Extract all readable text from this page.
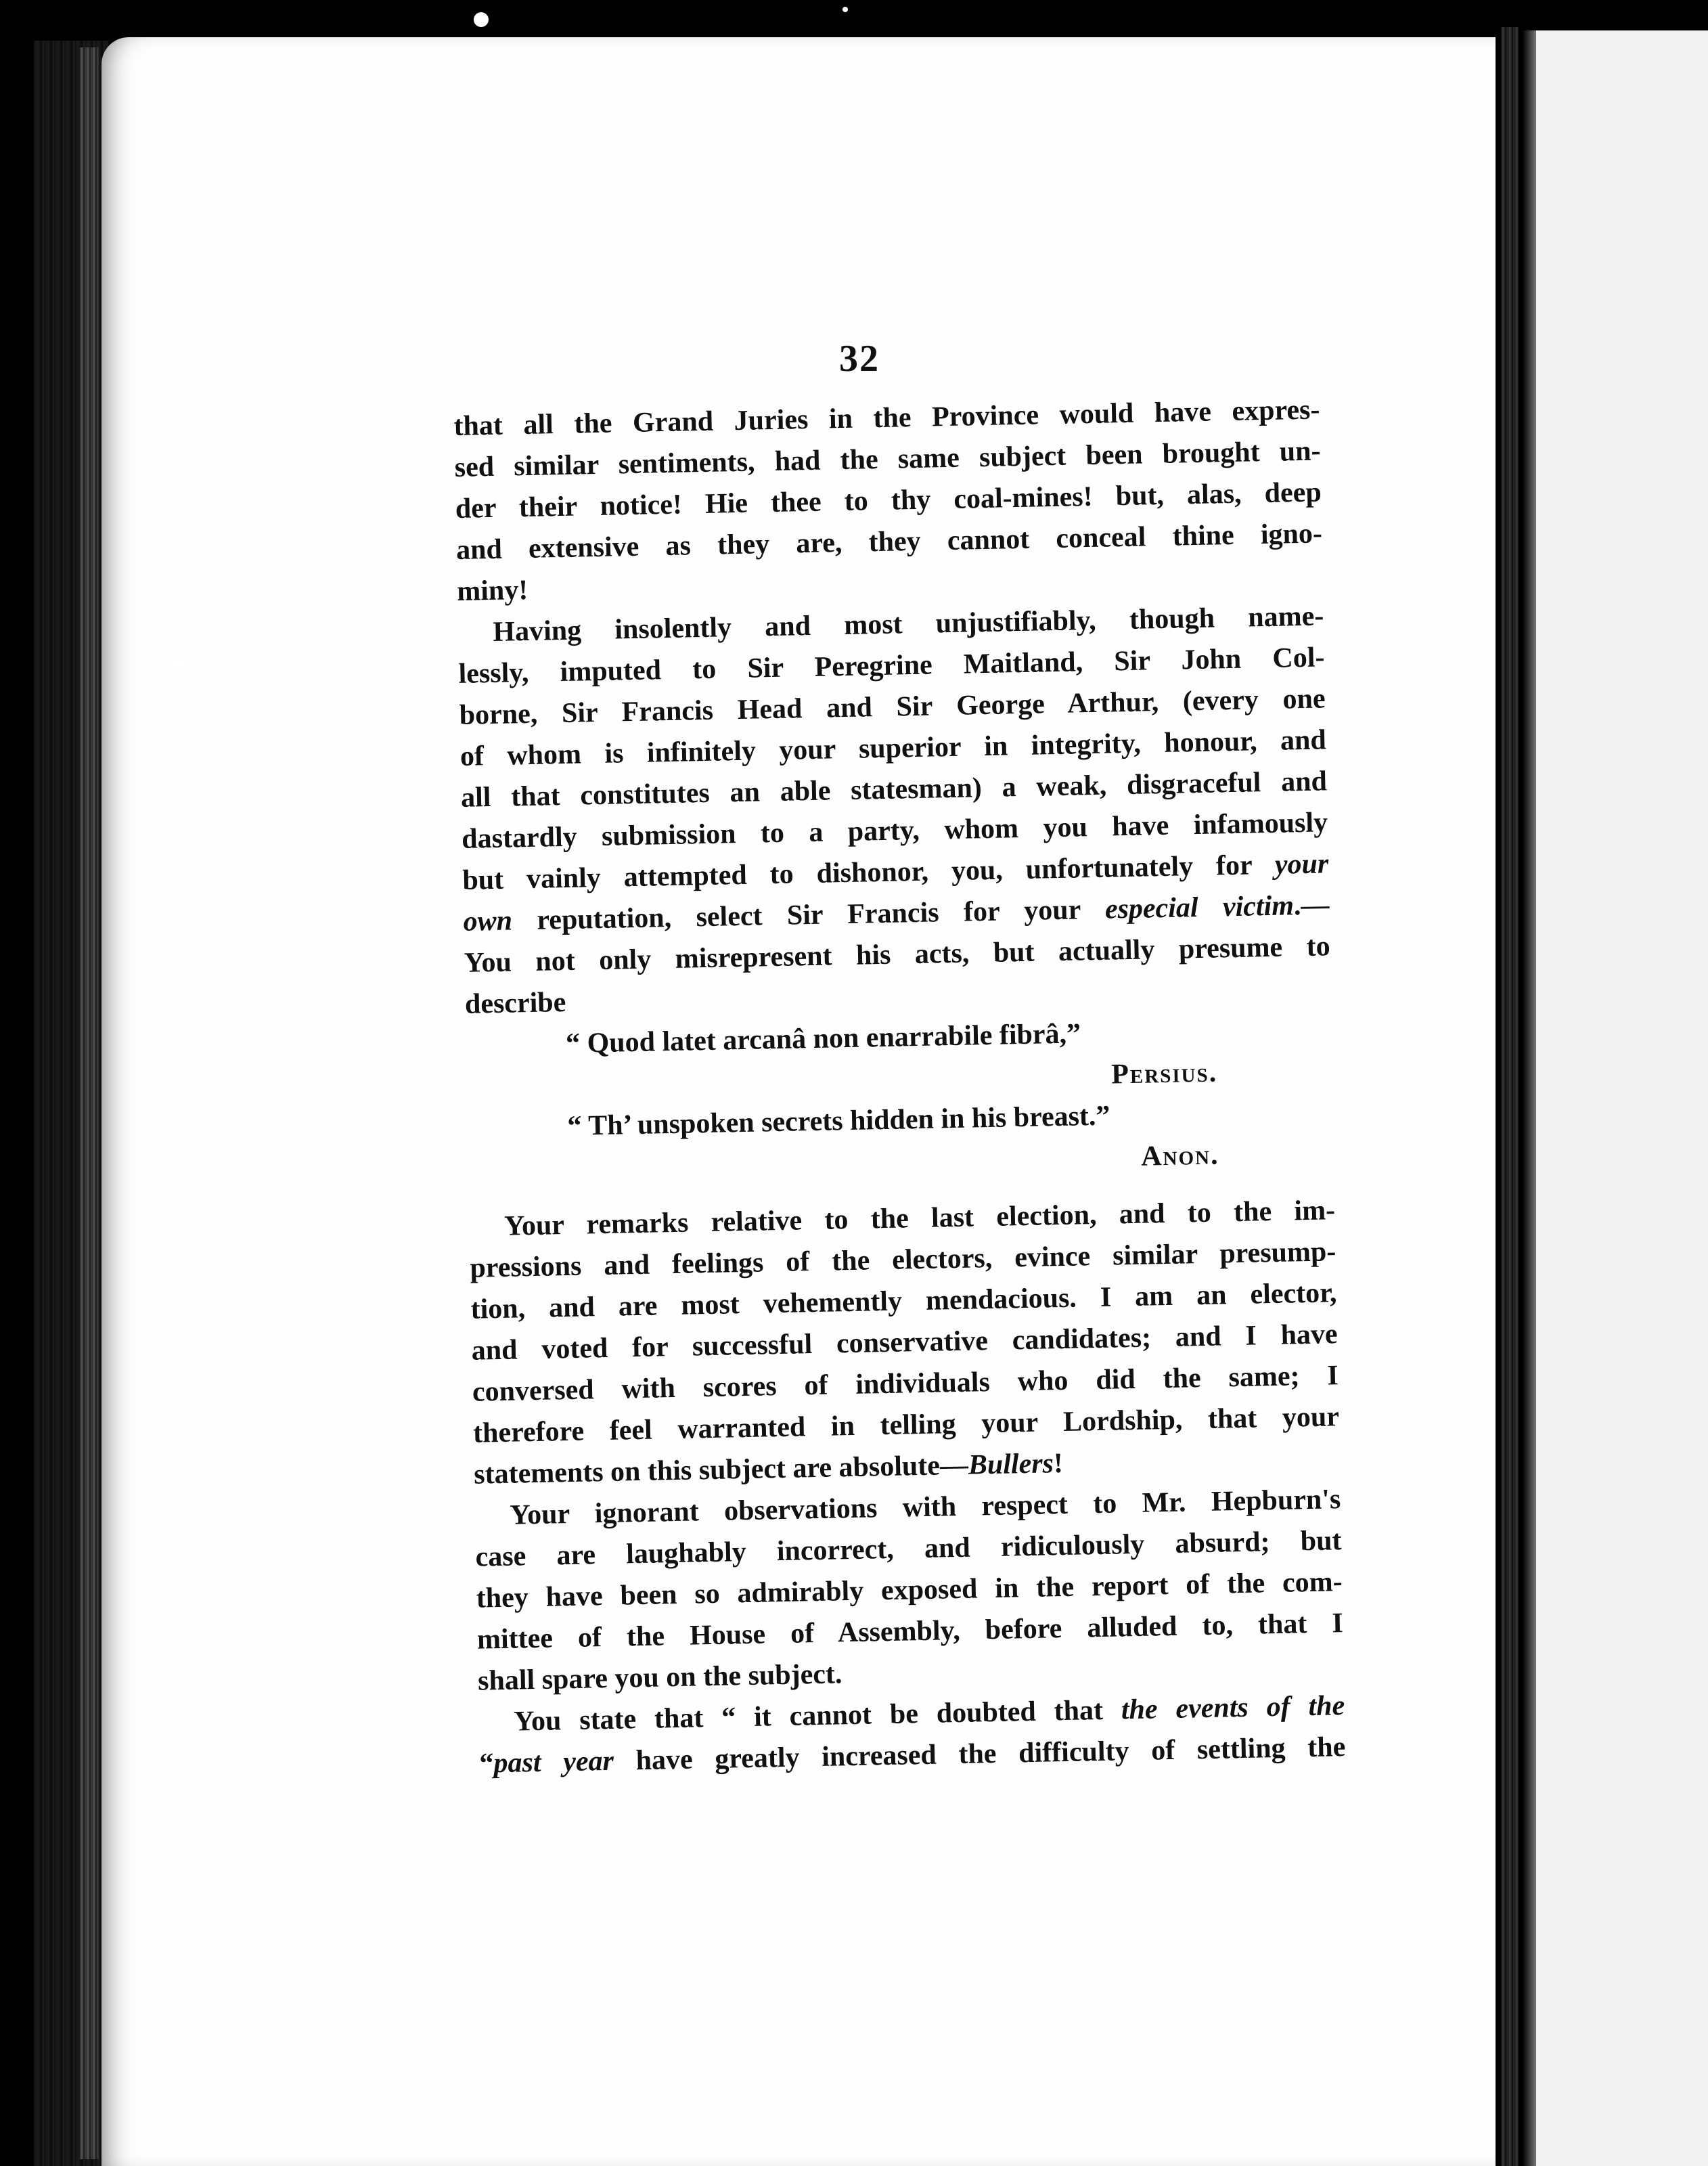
32
that all the Grand Juries in the Province would have expres-
sed similar sentiments, had the same subject been brought un-
der their notice! Hie thee to thy coal-mines! but, alas, deep
and extensive as they are, they cannot conceal thine igno-
miny!
Having insolently and most unjustifiably, though name-
lessly, imputed to Sir Peregrine Maitland, Sir John Col-
borne, Sir Francis Head and Sir George Arthur, (every one
of whom is infinitely your superior in integrity, honour, and
all that constitutes an able statesman) a weak, disgraceful and
dastardly submission to a party, whom you have infamously
but vainly attempted to dishonor, you, unfortunately for your
own reputation, select Sir Francis for your especial victim.—
You not only misrepresent his acts, but actually presume to
describe
“ Quod latet arcanâ non enarrabile fibrâ,”
Persius.
“ Th’ unspoken secrets hidden in his breast.”
Anon.
Your remarks relative to the last election, and to the im-
pressions and feelings of the electors, evince similar presump-
tion, and are most vehemently mendacious. I am an elector,
and voted for successful conservative candidates; and I have
conversed with scores of individuals who did the same; I
therefore feel warranted in telling your Lordship, that your
statements on this subject are absolute—Bullers!
Your ignorant observations with respect to Mr. Hepburn's
case are laughably incorrect, and ridiculously absurd; but
they have been so admirably exposed in the report of the com-
mittee of the House of Assembly, before alluded to, that I
shall spare you on the subject.
You state that “ it cannot be doubted that the events of the
“past year have greatly increased the difficulty of settling the
